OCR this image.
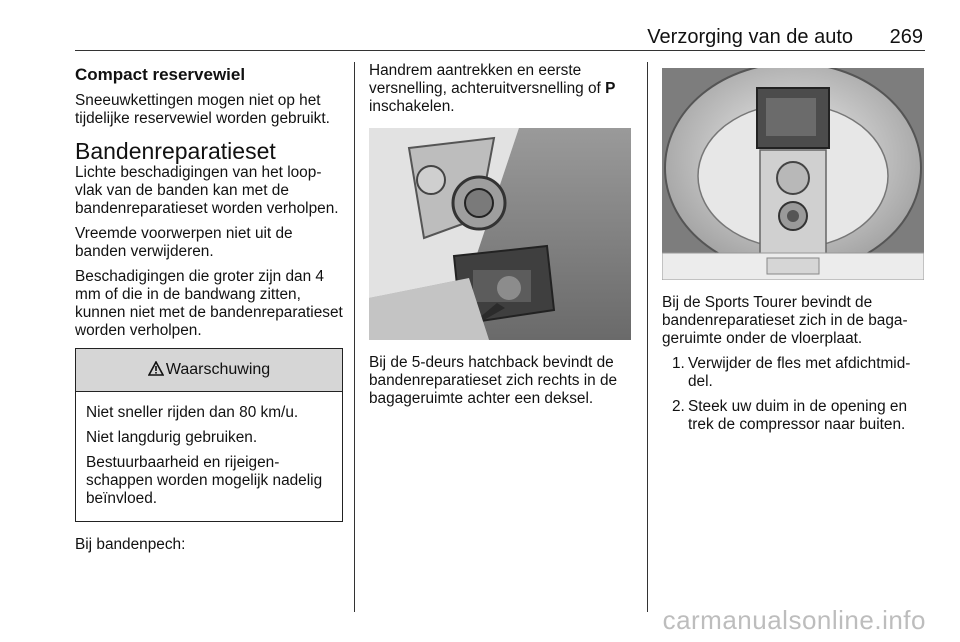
Verzorging van de auto 269

Compact reservewiel

Sneeuwkettingen mogen niet op het tijdelijke reservewiel worden gebruikt.

Bandenreparatieset

Lichte beschadigingen van het loopvlak van de banden kan met de bandenreparatieset worden verholpen.

Vreemde voorwerpen niet uit de banden verwijderen.

Beschadigingen die groter zijn dan 4 mm of die in de bandwang zitten, kunnen niet met de bandenreparatieset worden verholpen.

Waarschuwing

Niet sneller rijden dan 80 km/u.

Niet langdurig gebruiken.

Bestuurbaarheid en rijeigenschappen worden mogelijk nadelig beïnvloed.

Bij bandenpech:

Handrem aantrekken en eerste versnelling, achteruitversnelling of P inschakelen.

Bij de 5-deurs hatchback bevindt de bandenreparatieset zich rechts in de bagageruimte achter een deksel.

Bij de Sports Tourer bevindt de bandenreparatieset zich in de bagageruimte onder de vloerplaat.

1. Verwijder de fles met afdichtmiddel.
2. Steek uw duim in de opening en trek de compressor naar buiten.
carmanualsonline.info
